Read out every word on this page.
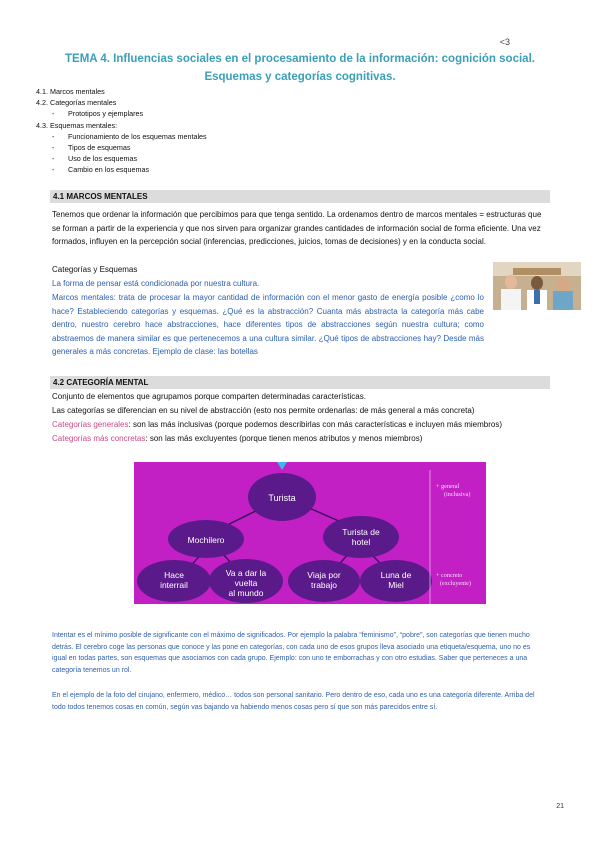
<3
TEMA 4. Influencias sociales en el procesamiento de la información: cognición social. Esquemas y categorías cognitivas.
4.1. Marcos mentales
4.2. Categorías mentales
- Prototipos y ejemplares
4.3. Esquemas mentales:
- Funcionamiento de los esquemas mentales
- Tipos de esquemas
- Uso de los esquemas
- Cambio en los esquemas
4.1 MARCOS MENTALES
Tenemos que ordenar la información que percibimos para que tenga sentido. La ordenamos dentro de marcos mentales = estructuras que se forman a partir de la experiencia y que nos sirven para organizar grandes cantidades de información social de forma eficiente. Una vez formados, influyen en la percepción social (inferencias, predicciones, juicios, tomas de decisiones) y en la conducta social.
Categorías y Esquemas
La forma de pensar está condicionada por nuestra cultura.
Marcos mentales: trata de procesar la mayor cantidad de información con el menor gasto de energía posible ¿como lo hace? Estableciendo categorías y esquemas. ¿Qué es la abstracción? Cuanta más abstracta la categoría más cabe dentro, nuestro cerebro hace abstracciones, hace diferentes tipos de abstracciones según nuestra cultura; como abstraemos de manera similar es que pertenecemos a una cultura similar. ¿Qué tipos de abstracciones hay? Desde más generales a más concretas. Ejemplo de clase: las botellas
4.2 CATEGORÍA MENTAL
Conjunto de elementos que agrupamos porque comparten determinadas características.
Las categorías se diferencian en su nivel de abstracción (esto nos permite ordenarlas: de más general a más concreta)
Categorías generales: son las más inclusivas (porque podemos describirlas con más características e incluyen más miembros)
Categorías más concretas: son las más excluyentes (porque tienen menos atributos y menos miembros)
Turista
Mochilero
Turista de
hotel
Hace
interrail
Va a dar la
vuelta
al mundo
Viaja por
trabajo
Luna de
Miel
+ general
(inclusiva)
+ concreto
(excluyente)
Intentar es el mínimo posible de significante con el máximo de significados. Por ejemplo la palabra “feminismo”, “pobre”, son categorías que tienen mucho detrás. El cerebro coge las personas que conoce y las pone en categorías, con cada uno de esos grupos lleva asociado una etiqueta/esquema, uno no es igual en todas partes, son esquemas que asociamos con cada grupo. Ejemplo: con uno te emborrachas y con otro estudias. Saber que perteneces a una categoría tenemos un rol.
En el ejemplo de la foto del cirujano, enfermero, médico… todos son personal sanitario. Pero dentro de eso, cada uno es una categoría diferente. Arriba del todo todos tenemos cosas en común, según vas bajando va habiendo menos cosas pero sí que son más parecidos entre sí.
21
